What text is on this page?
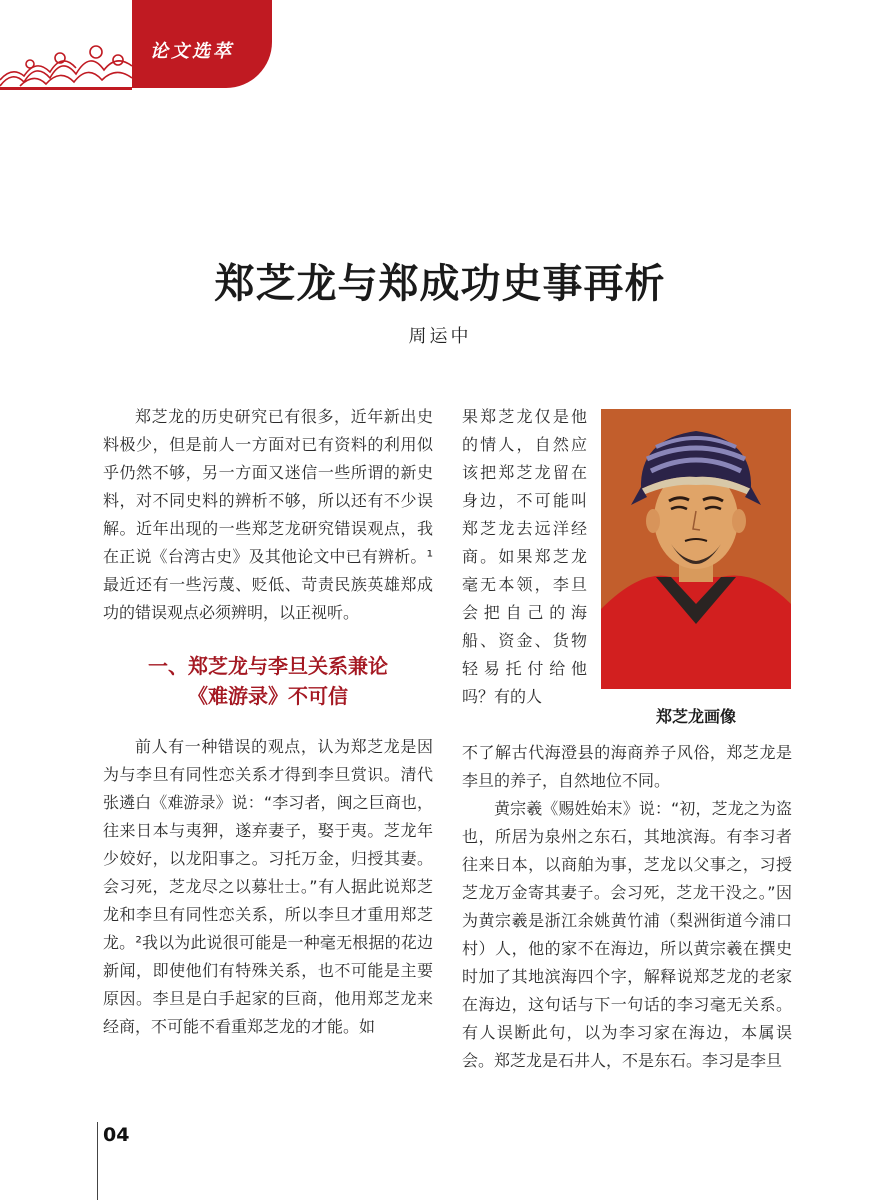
论文选萃
郑芝龙与郑成功史事再析
周运中

郑芝龙的历史研究已有很多，近年新出史料极少，但是前人一方面对已有资料的利用似乎仍然不够，另一方面又迷信一些所谓的新史料，对不同史料的辨析不够，所以还有不少误解。近年出现的一些郑芝龙研究错误观点，我在正说《台湾古史》及其他论文中已有辨析。¹最近还有一些污蔑、贬低、苛责民族英雄郑成功的错误观点必须辨明，以正视听。

一、郑芝龙与李旦关系兼论
《难游录》不可信

前人有一种错误的观点，认为郑芝龙是因为与李旦有同性恋关系才得到李旦赏识。清代张遴白《难游录》说：“李习者，闽之巨商也，往来日本与夷狎，遂弃妻子，娶于夷。芝龙年少姣好，以龙阳事之。习托万金，归授其妻。会习死，芝龙尽之以募壮士。”有人据此说郑芝龙和李旦有同性恋关系，所以李旦才重用郑芝龙。²我以为此说很可能是一种毫无根据的花边新闻，即使他们有特殊关系，也不可能是主要原因。李旦是白手起家的巨商，他用郑芝龙来经商，不可能不看重郑芝龙的才能。如

果郑芝龙仅是他的情人，自然应该把郑芝龙留在身边，不可能叫郑芝龙去远洋经商。如果郑芝龙毫无本领，李旦会把自己的海船、资金、货物轻易托付给他吗？有的人

郑芝龙画像

不了解古代海澄县的海商养子风俗，郑芝龙是李旦的养子，自然地位不同。

黄宗羲《赐姓始末》说：“初，芝龙之为盗也，所居为泉州之东石，其地滨海。有李习者往来日本，以商舶为事，芝龙以父事之，习授芝龙万金寄其妻子。会习死，芝龙干没之。”因为黄宗羲是浙江余姚黄竹浦（梨洲街道今浦口村）人，他的家不在海边，所以黄宗羲在撰史时加了其地滨海四个字，解释说郑芝龙的老家在海边，这句话与下一句话的李习毫无关系。有人误断此句，以为李习家在海边，本属误会。郑芝龙是石井人，不是东石。李习是李旦

04
